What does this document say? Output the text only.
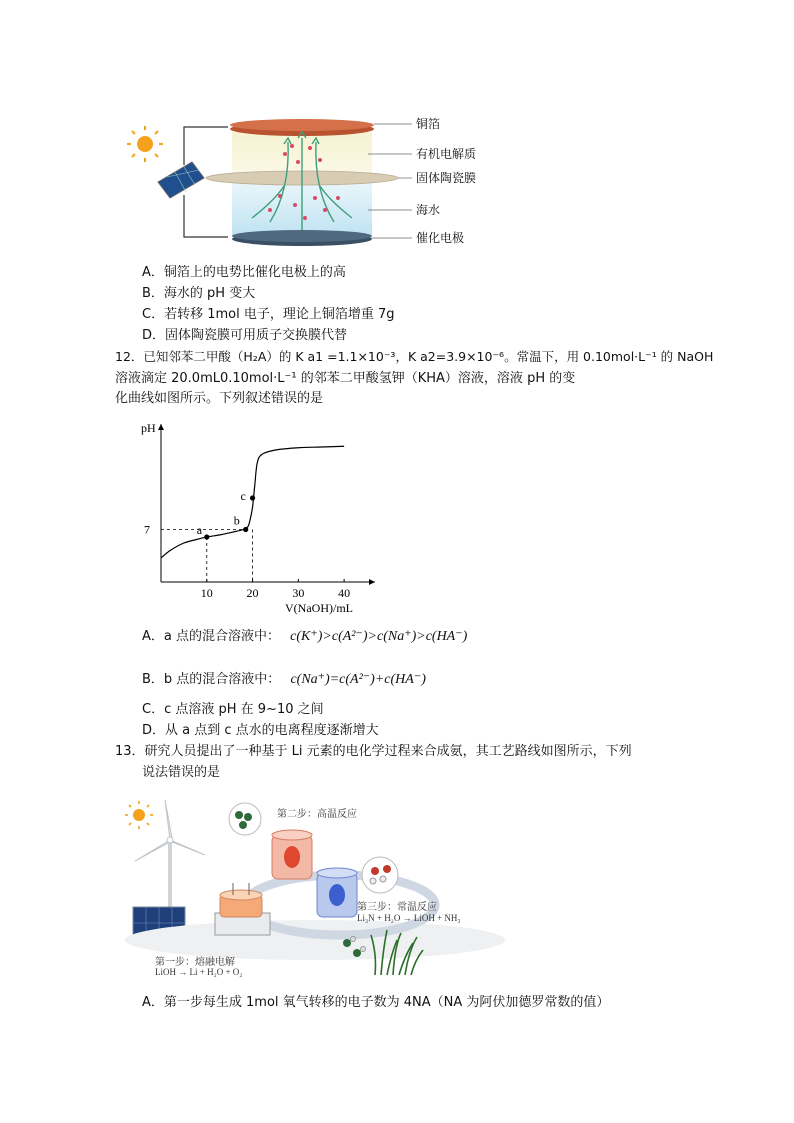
铜箔
有机电解质
固体陶瓷膜
海水
催化电极
A．铜箔上的电势比催化电极上的高
B．海水的 pH 变大
C．若转移 1mol 电子，理论上铜箔增重 7g
D．固体陶瓷膜可用质子交换膜代替
12．已知邻苯二甲酸（H₂A）的 K a1 =1.1×10⁻³，K a2=3.9×10⁻⁶。常温下，用 0.10mol·L⁻¹ 的 NaOH
溶液滴定 20.0mL0.10mol·L⁻¹ 的邻苯二甲酸氢钾（KHA）溶液，溶液 pH 的变
化曲线如图所示。下列叙述错误的是
pH
V(NaOH)/mL
10	20	30	40
7	a
b
c
A．a 点的混合溶液中： c(K⁺)>c(A²⁻)>c(Na⁺)>c(HA⁻)
B．b 点的混合溶液中： c(Na⁺)=c(A²⁻)+c(HA⁻)
C．c 点溶液 pH 在 9~10 之间
D．从 a 点到 c 点水的电离程度逐渐增大
13．研究人员提出了一种基于 Li 元素的电化学过程来合成氨，其工艺路线如图所示，下列
说法错误的是
第二步：高温反应
第三步：常温反应
Li₃N + H₂O → LiOH + NH₃
第一步：熔融电解
LiOH → Li + H₂O + O₂
A．第一步每生成 1mol 氧气转移的电子数为 4NA（NA 为阿伏加德罗常数的值）
